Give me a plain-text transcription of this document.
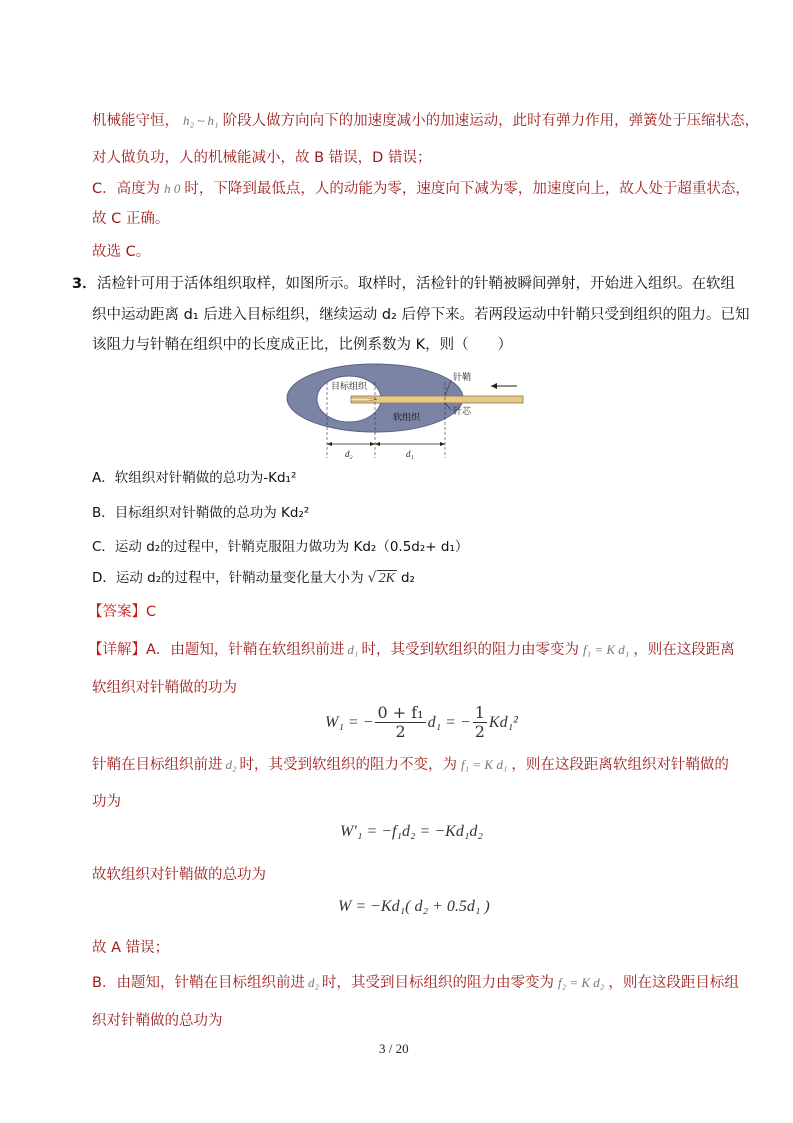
机械能守恒， h₂ ~ h₁ 阶段人做方向向下的加速度减小的加速运动，此时有弹力作用，弹簧处于压缩状态，
对人做负功，人的机械能减小，故 B 错误，D 错误；
C．高度为 h 0 时，下降到最低点，人的动能为零，速度向下减为零，加速度向上，故人处于超重状态，
故 C 正确。
故选 C。
3． 活检针可用于活体组织取样，如图所示。取样时，活检针的针鞘被瞬间弹射，开始进入组织。在软组
织中运动距离 d₁ 后进入目标组织，继续运动 d₂ 后停下来。若两段运动中针鞘只受到组织的阻力。已知
该阻力与针鞘在组织中的长度成正比，比例系数为 K，则（　　）
目标组织
软组织
针鞘
针芯
d₂	d₁
A．软组织对针鞘做的总功为-Kd₁²
B．目标组织对针鞘做的总功为 Kd₂²
C．运动 d₂的过程中，针鞘克服阻力做功为 Kd₂（0.5d₂+ d₁）
D．运动 d₂的过程中，针鞘动量变化量大小为 √ 2K d₂
【答案】C
【详解】A．由题知，针鞘在软组织前进 d₁ 时，其受到软组织的阻力由零变为 f₁ = K d₁ ，则在这段距离
软组织对针鞘做的功为
W₁ = − $\frac{\text{0 + f₁}}{2} d_1$ = − $\frac{1}{2} Kd_1^2$
针鞘在目标组织前进 d₂ 时，其受到软组织的阻力不变，为 f₁ = K d₁ ，则在这段距离软组织对针鞘做的
功为
W′₁ = −f₁d₂ = −Kd₁d₂
故软组织对针鞘做的总功为
W = −Kd₁( d₂ + 0.5d₁ )
故 A 错误；
B．由题知，针鞘在目标组织前进 d₂ 时，其受到目标组织的阻力由零变为 f₂ = K d₂ ，则在这段距目标组
织对针鞘做的总功为
3 / 20
